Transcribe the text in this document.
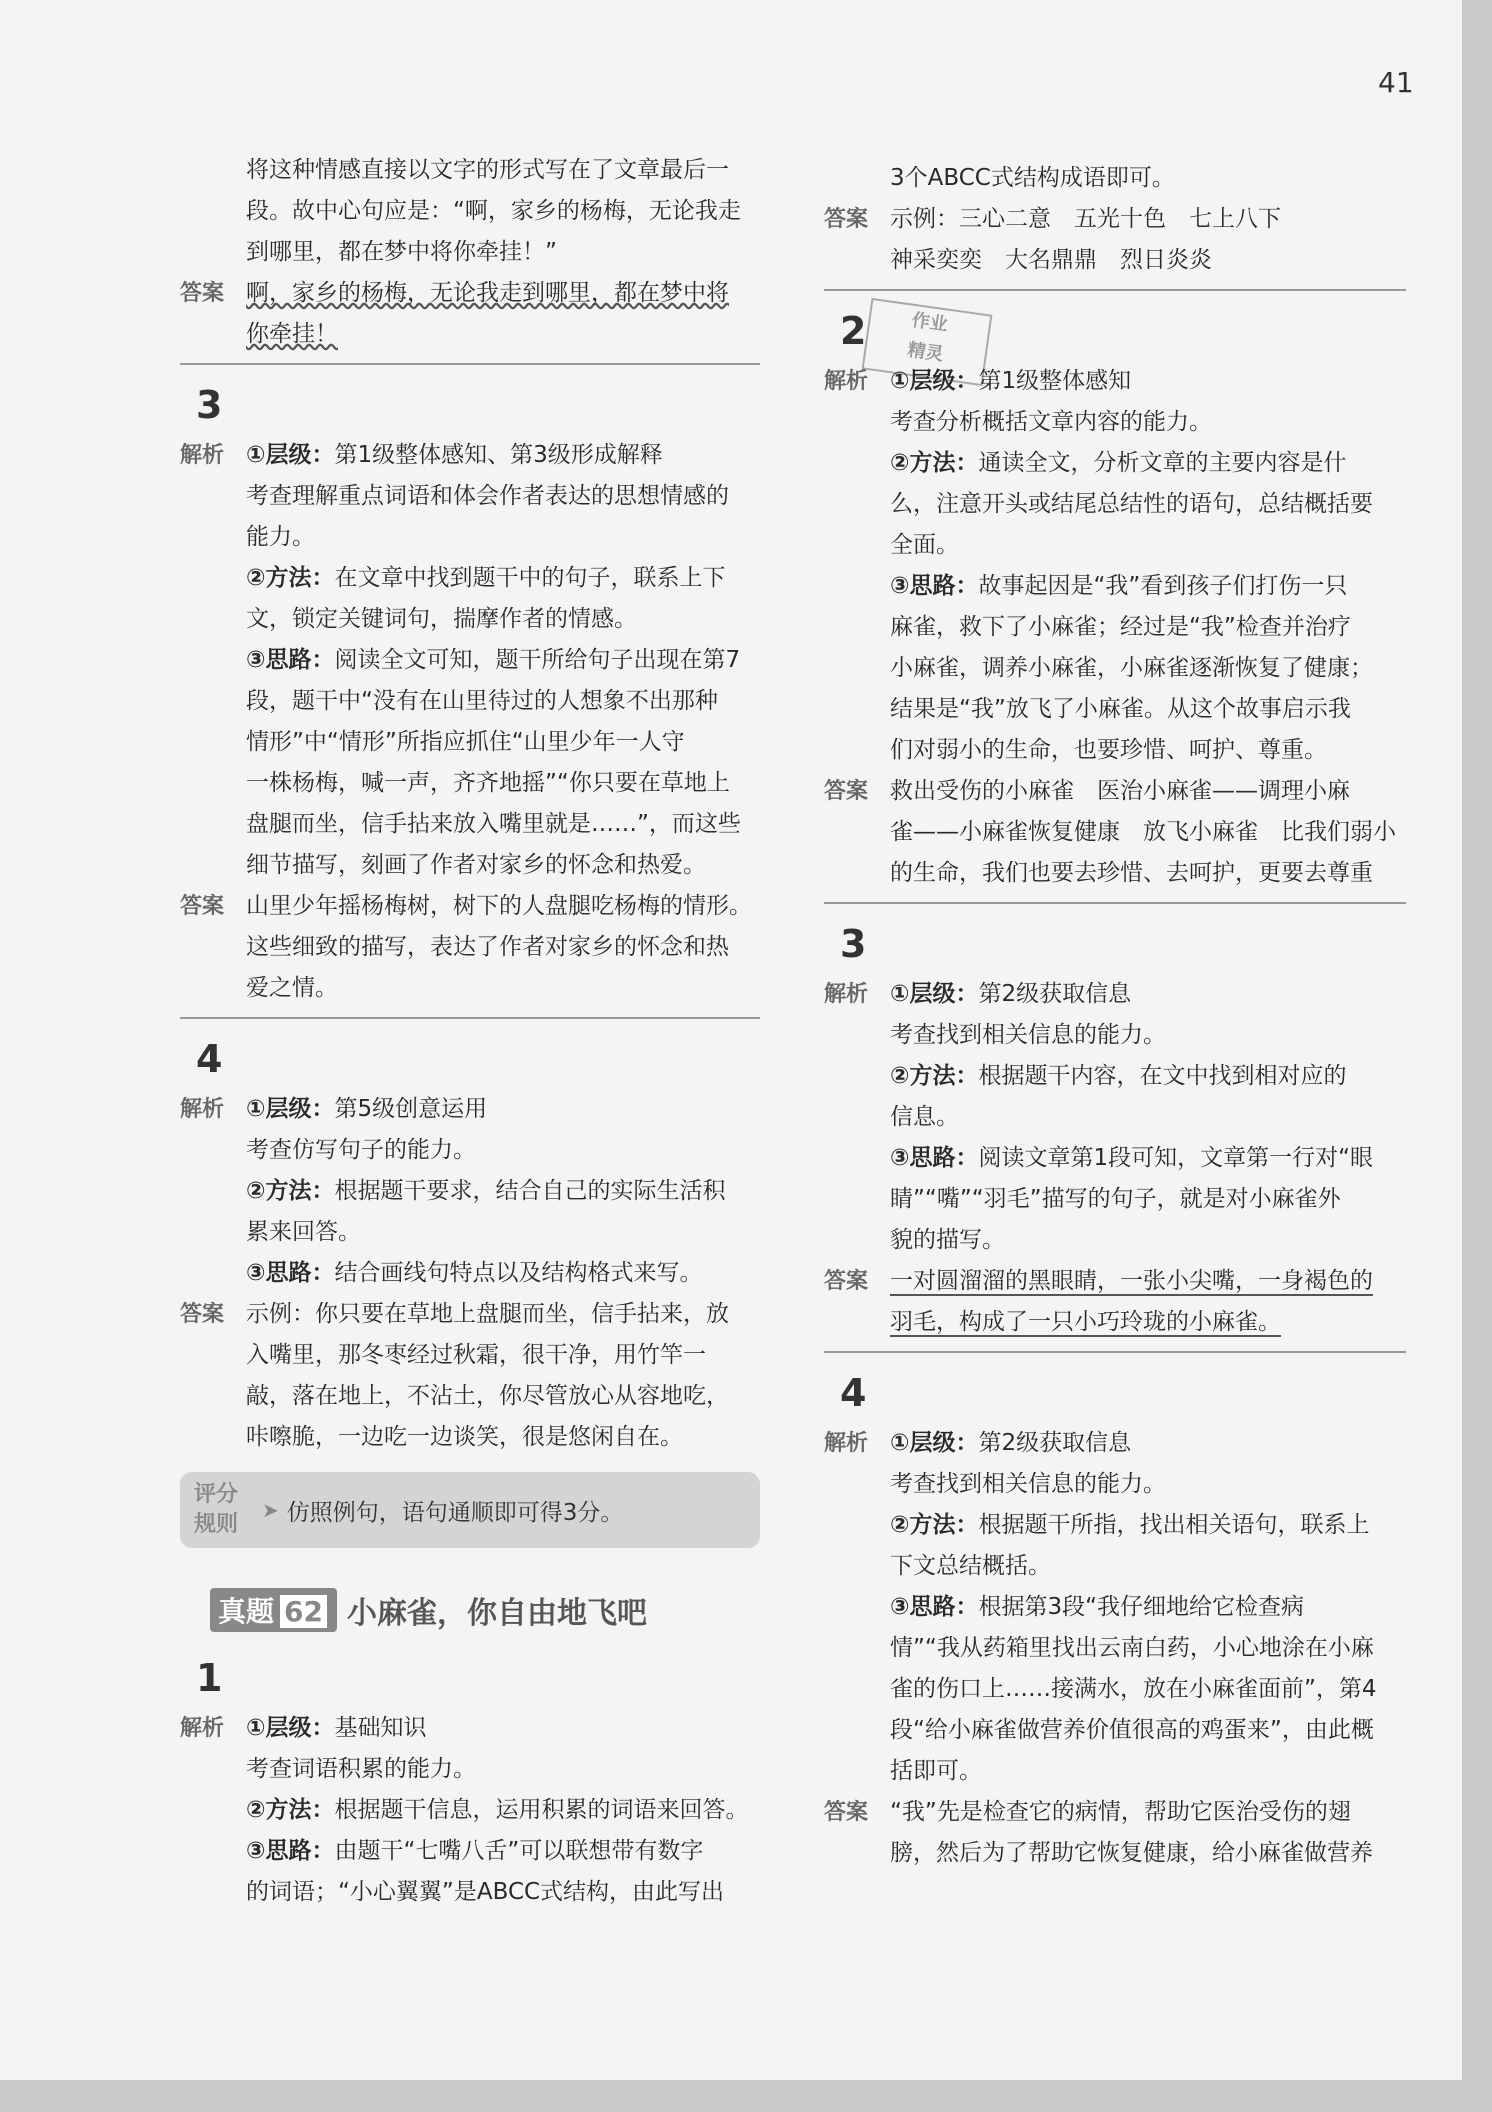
41
作业
精灵

将这种情感直接以文字的形式写在了文章最后一

段。故中心句应是：“啊，家乡的杨梅，无论我走

到哪里，都在梦中将你牵挂！”

答案 啊，家乡的杨梅，无论我走到哪里，都在梦中将

你牵挂！

3
解析 ①层级：第1级整体感知、第3级形成解释

考查理解重点词语和体会作者表达的思想情感的

能力。

②方法：在文章中找到题干中的句子，联系上下

文，锁定关键词句，揣摩作者的情感。

③思路：阅读全文可知，题干所给句子出现在第7

段，题干中“没有在山里待过的人想象不出那种

情形”中“情形”所指应抓住“山里少年一人守

一株杨梅，喊一声，齐齐地摇”“你只要在草地上

盘腿而坐，信手拈来放入嘴里就是……”，而这些

细节描写，刻画了作者对家乡的怀念和热爱。

答案 山里少年摇杨梅树，树下的人盘腿吃杨梅的情形。

这些细致的描写，表达了作者对家乡的怀念和热

爱之情。

4
解析 ①层级：第5级创意运用

考查仿写句子的能力。

②方法：根据题干要求，结合自己的实际生活积

累来回答。

③思路：结合画线句特点以及结构格式来写。

答案 示例：你只要在草地上盘腿而坐，信手拈来，放

入嘴里，那冬枣经过秋霜，很干净，用竹竿一

敲，落在地上，不沾土，你尽管放心从容地吃，

咔嚓脆，一边吃一边谈笑，很是悠闲自在。

评分
规则
➤ 仿照例句，语句通顺即可得3分。
真题 62 小麻雀，你自由地飞吧
1
解析 ①层级：基础知识

考查词语积累的能力。

②方法：根据题干信息，运用积累的词语来回答。

③思路：由题干“七嘴八舌”可以联想带有数字

的词语；“小心翼翼”是ABCC式结构，由此写出

3个ABCC式结构成语即可。

答案 示例：三心二意　五光十色　七上八下

神采奕奕　大名鼎鼎　烈日炎炎

2
解析 ①层级：第1级整体感知

考查分析概括文章内容的能力。

②方法：通读全文，分析文章的主要内容是什

么，注意开头或结尾总结性的语句，总结概括要

全面。

③思路：故事起因是“我”看到孩子们打伤一只

麻雀，救下了小麻雀；经过是“我”检查并治疗

小麻雀，调养小麻雀，小麻雀逐渐恢复了健康；

结果是“我”放飞了小麻雀。从这个故事启示我

们对弱小的生命，也要珍惜、呵护、尊重。

答案 救出受伤的小麻雀　医治小麻雀——调理小麻

雀——小麻雀恢复健康　放飞小麻雀　比我们弱小

的生命，我们也要去珍惜、去呵护，更要去尊重

3
解析 ①层级：第2级获取信息

考查找到相关信息的能力。

②方法：根据题干内容，在文中找到相对应的

信息。

③思路：阅读文章第1段可知，文章第一行对“眼

睛”“嘴”“羽毛”描写的句子，就是对小麻雀外

貌的描写。

答案 一对圆溜溜的黑眼睛，一张小尖嘴，一身褐色的

羽毛，构成了一只小巧玲珑的小麻雀。

4
解析 ①层级：第2级获取信息

考查找到相关信息的能力。

②方法：根据题干所指，找出相关语句，联系上

下文总结概括。

③思路：根据第3段“我仔细地给它检查病

情”“我从药箱里找出云南白药，小心地涂在小麻

雀的伤口上……接满水，放在小麻雀面前”，第4

段“给小麻雀做营养价值很高的鸡蛋来”，由此概

括即可。

答案 “我”先是检查它的病情，帮助它医治受伤的翅

膀，然后为了帮助它恢复健康，给小麻雀做营养
